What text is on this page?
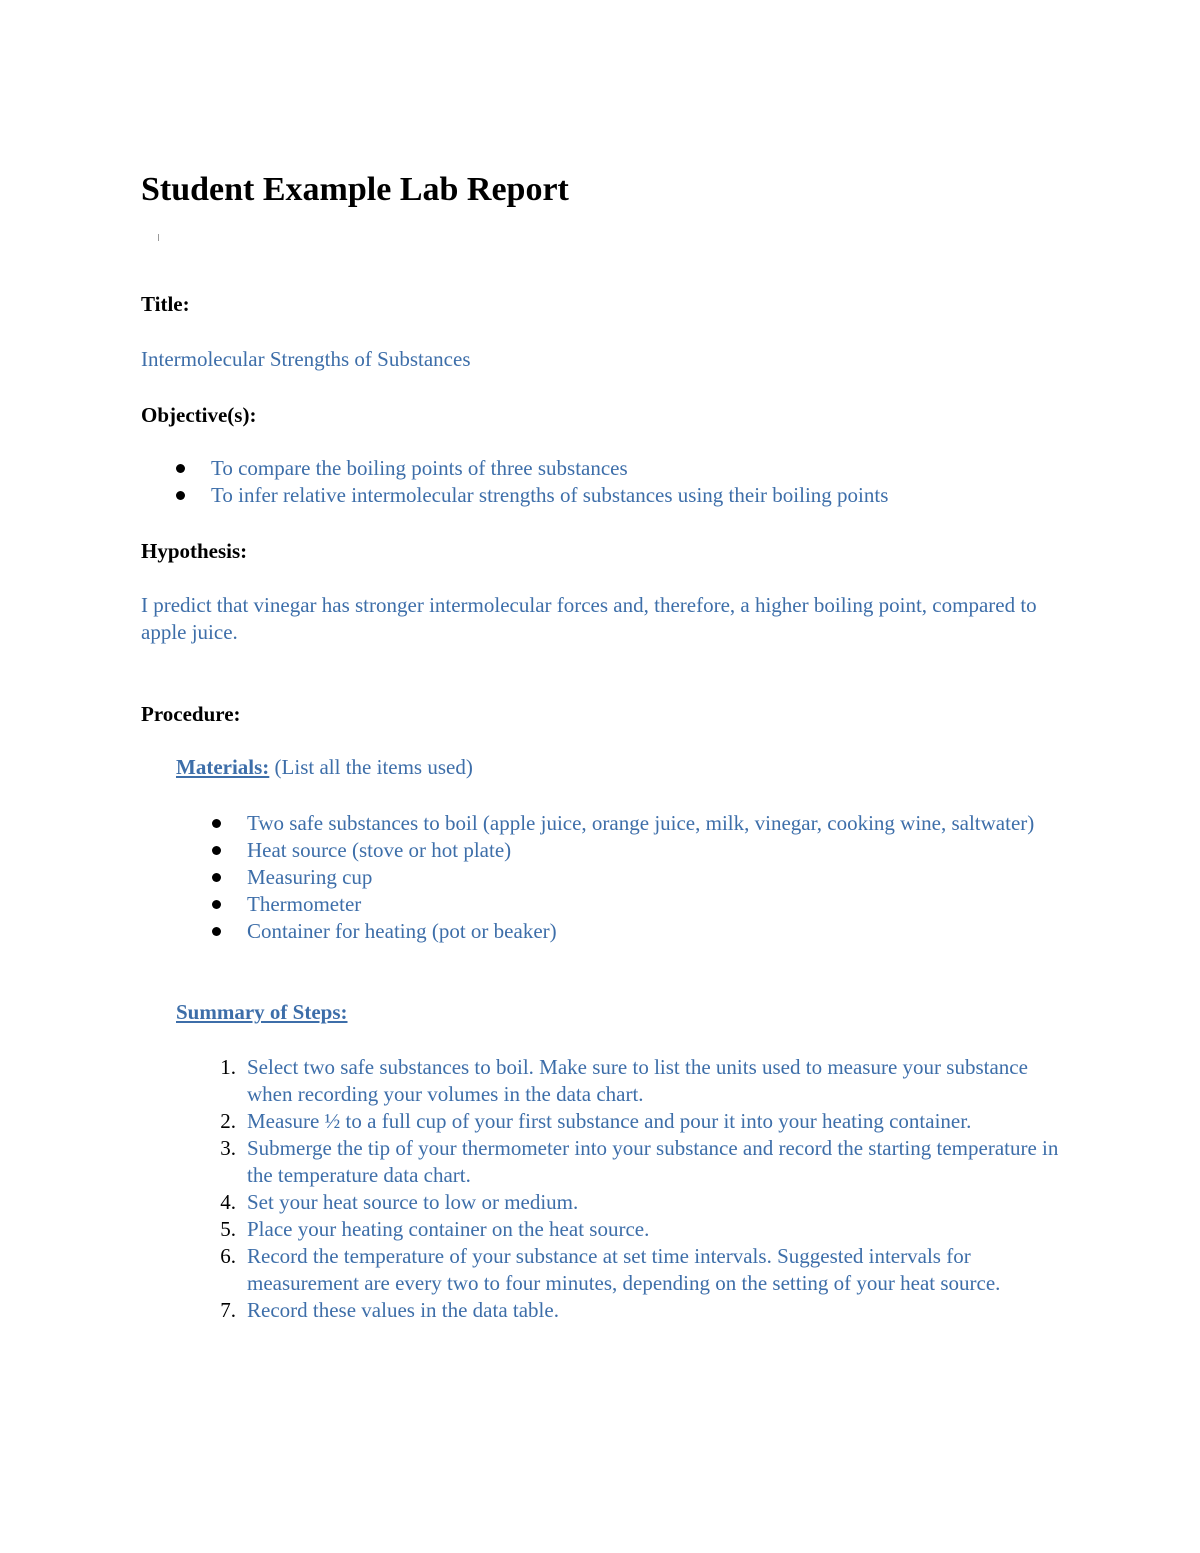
Student Example Lab Report

Title:

Intermolecular Strengths of Substances

Objective(s):

To compare the boiling points of three substances
To infer relative intermolecular strengths of substances using their boiling points

Hypothesis:

I predict that vinegar has stronger intermolecular forces and, therefore, a higher boiling point, compared to apple juice.

Procedure:

Materials: (List all the items used)

Two safe substances to boil (apple juice, orange juice, milk, vinegar, cooking wine, saltwater)
Heat source (stove or hot plate)
Measuring cup
Thermometer
Container for heating (pot or beaker)

Summary of Steps:

1. Select two safe substances to boil. Make sure to list the units used to measure your substance when recording your volumes in the data chart.
2. Measure ½ to a full cup of your first substance and pour it into your heating container.
3. Submerge the tip of your thermometer into your substance and record the starting temperature in the temperature data chart.
4. Set your heat source to low or medium.
5. Place your heating container on the heat source.
6. Record the temperature of your substance at set time intervals. Suggested intervals for measurement are every two to four minutes, depending on the setting of your heat source.
7. Record these values in the data table.
